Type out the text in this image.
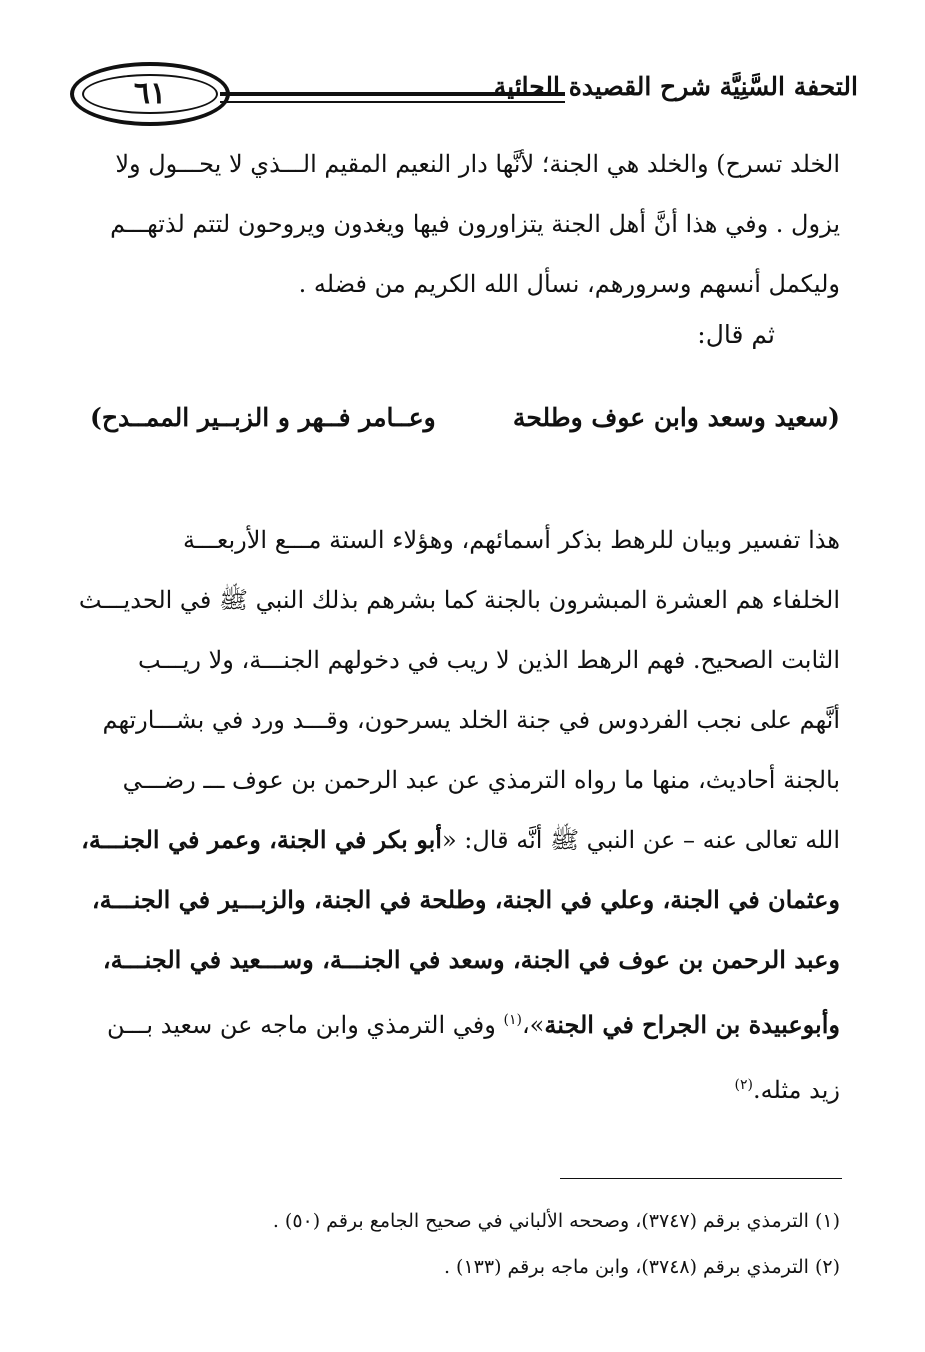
٦١	التحفة السَّنِيَّة شرح القصيدة الحائية
الخلد تسرح) والخلد هي الجنة؛ لأنَّها دار النعيم المقيم الـــذي لا يحـــول ولا
يزول . وفي هذا أنَّ أهل الجنة يتزاورون فيها ويغدون ويروحون لتتم لذتهـــم
وليكمل أنسهم وسرورهم، نسأل الله الكريم من فضله .
ثم قال:
(سعيد وسعد وابن عوف وطلحة
وعــامر فــهر و الزبــير الممــدح)
هذا تفسير وبيان للرهط بذكر أسمائهم، وهؤلاء الستة مـــع الأربعـــة
الخلفاء هم العشرة المبشرون بالجنة كما بشرهم بذلك النبي ﷺ في الحديـــث
الثابت الصحيح. فهم الرهط الذين لا ريب في دخولهم الجنـــة، ولا ريـــب
أنَّهم على نجب الفردوس في جنة الخلد يسرحون، وقـــد ورد في بشـــارتهم
بالجنة أحاديث، منها ما رواه الترمذي عن عبد الرحمن بن عوف ـــ رضـــي
الله تعالى عنه – عن النبي ﷺ أنَّه قال: «أبو بكر في الجنة، وعمر في الجنـــة،
وعثمان في الجنة، وعلي في الجنة، وطلحة في الجنة، والزبـــير في الجنـــة،
وعبد الرحمن بن عوف في الجنة، وسعد في الجنـــة، وســـعيد في الجنـــة،
وأبوعبيدة بن الجراح في الجنة»،$^{(١)}$ وفي الترمذي وابن ماجه عن سعيد بـــن
زيد مثله.$^{(٢)}$
(١) الترمذي برقم (٣٧٤٧)، وصححه الألباني في صحيح الجامع برقم (٥٠) .
(٢) الترمذي برقم (٣٧٤٨)، وابن ماجه برقم (١٣٣) .
